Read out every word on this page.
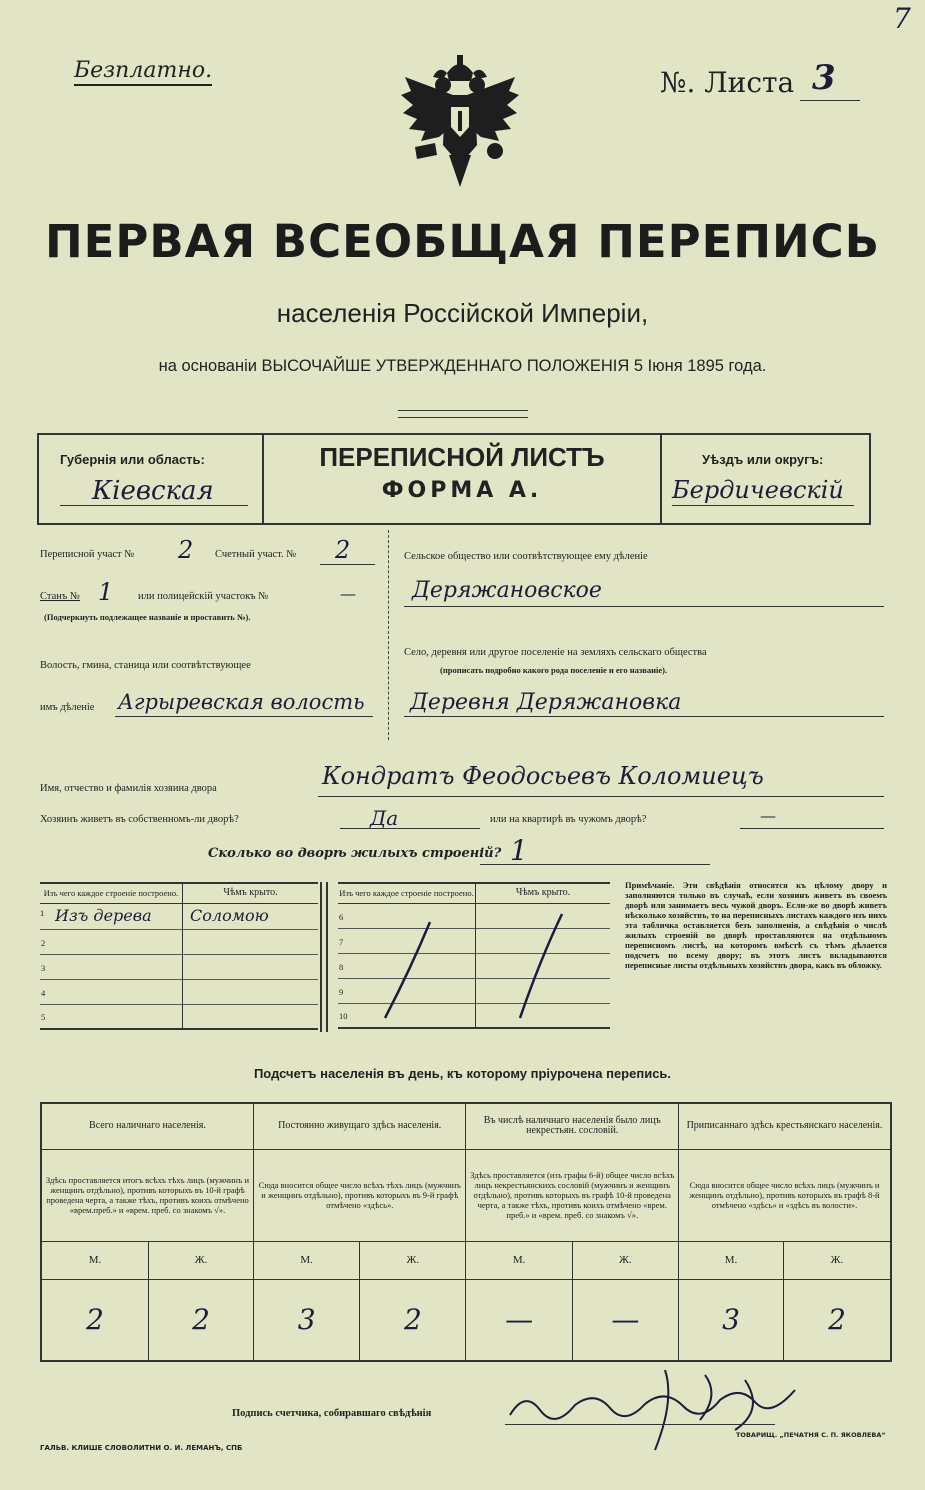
7
Безплатно.	№. Листа 3
ПЕРВАЯ ВСЕОБЩАЯ ПЕРЕПИСЬ
населенія Россійской Имперіи,
на основаніи ВЫСОЧАЙШЕ УТВЕРЖДЕННАГО ПОЛОЖЕНІЯ 5 Іюня 1895 года.
Губернія или область:
Кіевская
ПЕРЕПИСНОЙ ЛИСТЪ
ФОРМА А.
Уѣздъ или округъ:
Бердичевскій
Переписной участ № 2 Счетный участ. № 2
Станъ № 1 или полицейскій участокъ №	—
(Подчеркнуть подлежащее названіе и проставить №).
Волость, гмина, станица или соотвѣтствующее
имъ дѣленіе Агрыревская волость
Сельское общество или соотвѣтствующее ему дѣленіе
Деряжановское
Село, деревня или другое поселеніе на земляхъ сельскаго общества
(прописать подробно какого рода поселеніе и его названіе).
Деревня Деряжановка
Имя, отчество и фамилія хозяина двора	Кондратъ Феодосьевъ Коломиецъ
Хозяинъ живетъ въ собственномъ-ли дворѣ?	Да	или на квартирѣ въ чужомъ дворѣ?	—
Сколько во дворѣ жилыхъ строеній? 1
Изъ чего каждое строеніе построено.	Чѣмъ крыто.

1 Изъ дерева	Соломою
2	
3	
4	
5	
Изъ чего каждое строеніе построено.	Чѣмъ крыто.
6	
7	
8	
9	
10	
Примѣчаніе. Эти свѣдѣнія относятся къ цѣлому двору и заполняются только въ случаѣ, если хозяинъ живетъ въ своемъ дворѣ или занимаетъ весь чужой дворъ. Если-же во дворѣ живетъ нѣсколько хозяйствъ, то на переписныхъ листахъ каждого изъ нихъ эта табличка оставляется безъ заполненія, а свѣдѣнія о числѣ жилыхъ строеній во дворѣ проставляются на отдѣльномъ переписномъ листѣ, на которомъ вмѣстѣ съ тѣмъ дѣлается подсчетъ по всему двору; въ этотъ листъ вкладываются переписные листы отдѣльныхъ хозяйствъ двора, какъ въ обложку.
Подсчетъ населенія въ день, къ которому пріурочена перепись.
Всего наличнаго населенія.		Постоянно живущаго здѣсь населенія.		Въ числѣ наличнаго населенія было лицъ некрестьян. сословій.		Приписаннаго здѣсь крестьянскаго населенія.	
Здѣсь проставляется итогъ всѣхъ тѣхъ лицъ (мужчинъ и женщинъ отдѣльно), противъ которыхъ въ 10-й графѣ проведена черта, а также тѣхъ, противъ коихъ отмѣчено «врем.преб.» и «врем. преб. со знакомъ √».		Сюда вносится общее число всѣхъ тѣхъ лицъ (мужчинъ и женщинъ отдѣльно), противъ которыхъ въ 9-й графѣ отмѣчено «здѣсь».		Здѣсь проставляется (изъ графы 6-й) общее число всѣхъ лицъ некрестьянскихъ сословій (мужчинъ и женщинъ отдѣльно), противъ которыхъ въ графѣ 10-й проведена черта, а также тѣхъ, противъ коихъ отмѣчено «врем. преб.» и «врем. преб. со знакомъ √».		Сюда вносится общее число всѣхъ лицъ (мужчинъ и женщинъ отдѣльно), противъ которыхъ въ графѣ 8-й отмѣчено «здѣсь» и «здѣсь въ волости».	
М.	Ж.	М.	Ж.	М.	Ж.	М.	Ж.
2	2	3	2	—	—	3	2
Подпись счетчика, собиравшаго свѣдѣнія
ГАЛЬВ. КЛИШЕ СЛОВОЛИТНИ О. И. ЛЕМАНЪ, СПБ
ТОВАРИЩ. „ПЕЧАТНЯ С. П. ЯКОВЛЕВА“
